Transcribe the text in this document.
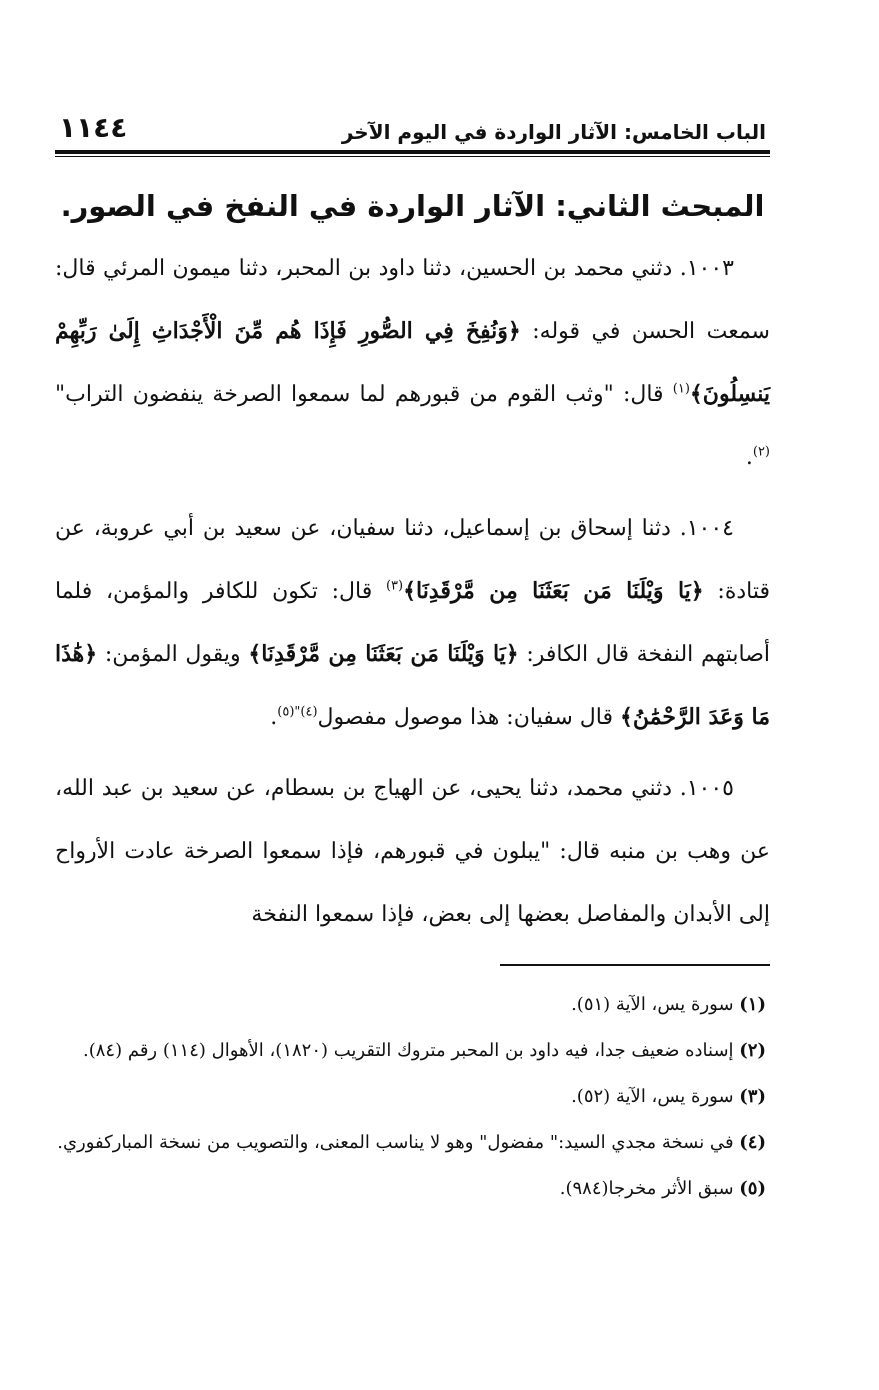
الباب الخامس: الآثار الواردة في اليوم الآخر
١١٤٤
المبحث الثاني: الآثار الواردة في النفخ في الصور.

١٠٠٣. دثني محمد بن الحسين، دثنا داود بن المحبر، دثنا ميمون المرئي قال: سمعت الحسن في قوله: ﴿وَنُفِخَ فِي الصُّورِ فَإِذَا هُم مِّنَ الْأَجْدَاثِ إِلَىٰ رَبِّهِمْ يَنسِلُونَ﴾$^{(١)}$ قال: "وثب القوم من قبورهم لما سمعوا الصرخة ينفضون التراب"$^{(٢)}$.

١٠٠٤. دثنا إسحاق بن إسماعيل، دثنا سفيان، عن سعيد بن أبي عروبة، عن قتادة: ﴿يَا وَيْلَنَا مَن بَعَثَنَا مِن مَّرْقَدِنَا﴾$^{(٣)}$ قال: تكون للكافر والمؤمن، فلما أصابتهم النفخة قال الكافر: ﴿يَا وَيْلَنَا مَن بَعَثَنَا مِن مَّرْقَدِنَا﴾ ويقول المؤمن: ﴿هَٰذَا مَا وَعَدَ الرَّحْمَٰنُ﴾ قال سفيان: هذا موصول مفصول$^{(٤)"(٥)}$.

١٠٠٥. دثني محمد، دثنا يحيى، عن الهياج بن بسطام، عن سعيد بن عبد الله، عن وهب بن منبه قال: "يبلون في قبورهم، فإذا سمعوا الصرخة عادت الأرواح إلى الأبدان والمفاصل بعضها إلى بعض، فإذا سمعوا النفخة

(١) سورة يس، الآية (٥١).

(٢) إسناده ضعيف جدا، فيه داود بن المحبر متروك التقريب (١٨٢٠)، الأهوال (١١٤) رقم (٨٤).

(٣) سورة يس، الآية (٥٢).

(٤) في نسخة مجدي السيد:" مفضول" وهو لا يناسب المعنى، والتصويب من نسخة المباركفوري.

(٥) سبق الأثر مخرجا(٩٨٤).
